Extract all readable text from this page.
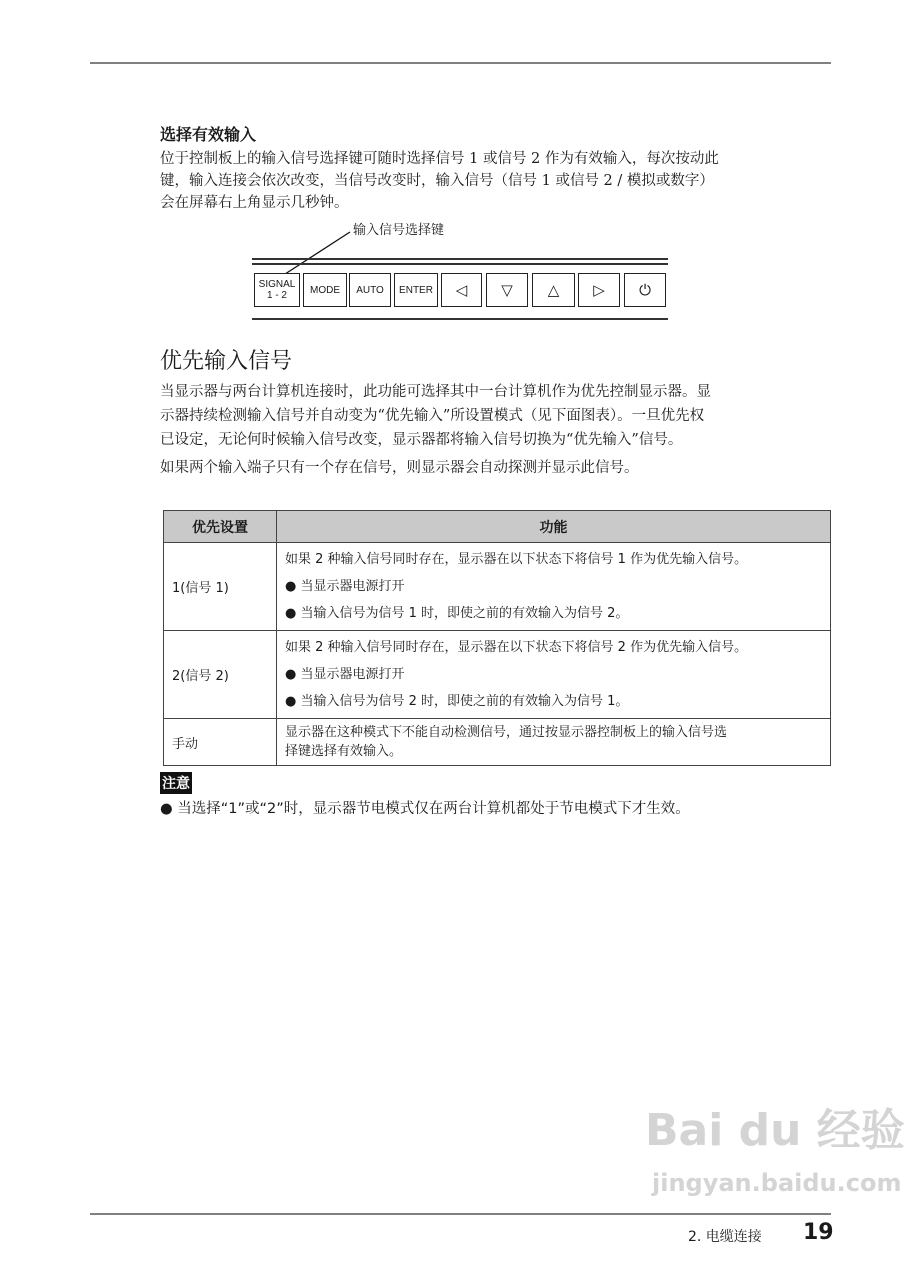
选择有效输入
位于控制板上的输入信号选择键可随时选择信号 1 或信号 2 作为有效输入，每次按动此
键，输入连接会依次改变，当信号改变时，输入信号（信号 1 或信号 2 / 模拟或数字）
会在屏幕右上角显示几秒钟。
输入信号选择键
SIGNAL
1 - 2	MODE	AUTO	ENTER	◁	▽	△	▷	⏻
优先输入信号
当显示器与两台计算机连接时，此功能可选择其中一台计算机作为优先控制显示器。显
示器持续检测输入信号并自动变为“优先输入”所设置模式（见下面图表）。一旦优先权
已设定，无论何时候输入信号改变，显示器都将输入信号切换为“优先输入”信号。
如果两个输入端子只有一个存在信号，则显示器会自动探测并显示此信号。
优先设置	功能
1(信号 1)	如果 2 种输入信号同时存在，显示器在以下状态下将信号 1 作为优先输入信号。
● 当显示器电源打开
● 当输入信号为信号 1 时，即使之前的有效输入为信号 2。

2(信号 2)	如果 2 种输入信号同时存在，显示器在以下状态下将信号 2 作为优先输入信号。
● 当显示器电源打开
● 当输入信号为信号 2 时，即使之前的有效输入为信号 1。

手动	显示器在这种模式下不能自动检测信号，通过按显示器控制板上的输入信号选
择键选择有效输入。
注意
● 当选择“1”或“2”时，显示器节电模式仅在两台计算机都处于节电模式下才生效。
Bai du 经验
jingyan.baidu.com
2. 电缆连接 19
